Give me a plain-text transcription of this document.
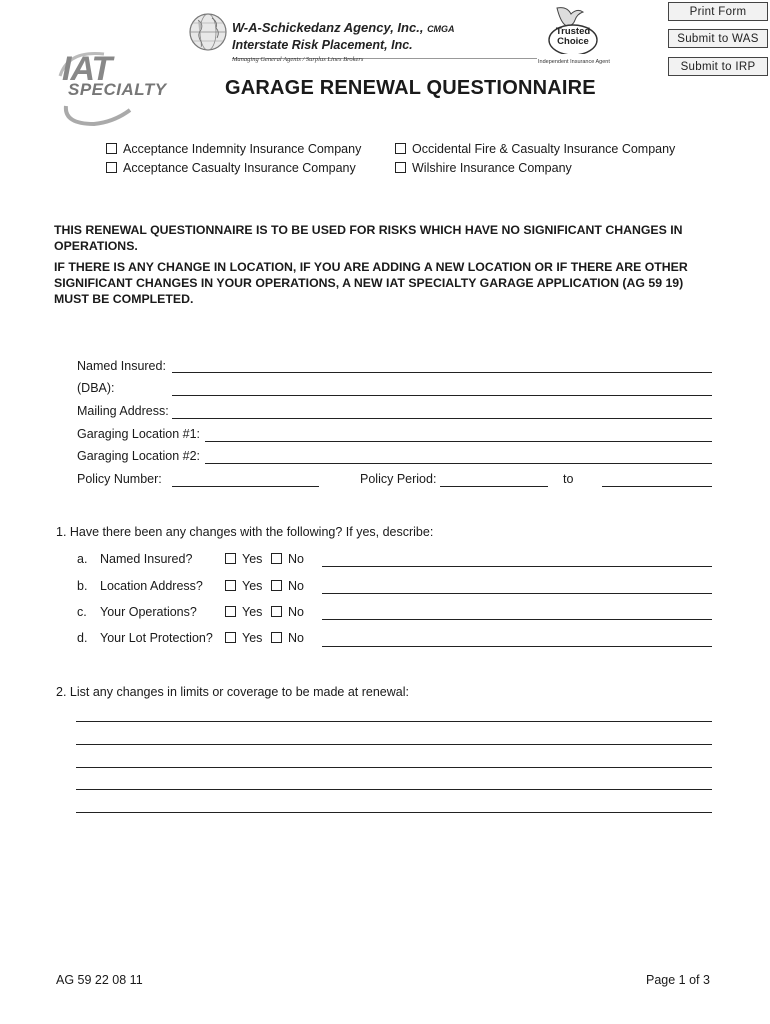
Print Form
Submit to WAS
Submit to IRP
W-A-Schickedanz Agency, Inc., CMGA
Interstate Risk Placement, Inc.
Managing General Agents / Surplus Lines Brokers
Trusted
Choice
Independent Insurance Agent
IAT
SPECIALTY	GARAGE RENEWAL QUESTIONNAIRE
Acceptance Indemnity Insurance Company
Acceptance Casualty Insurance Company
Occidental Fire & Casualty Insurance Company
Wilshire Insurance Company
THIS RENEWAL QUESTIONNAIRE IS TO BE USED FOR RISKS WHICH HAVE NO SIGNIFICANT CHANGES IN OPERATIONS.
IF THERE IS ANY CHANGE IN LOCATION, IF YOU ARE ADDING A NEW LOCATION OR IF THERE ARE OTHER SIGNIFICANT CHANGES IN YOUR OPERATIONS, A NEW IAT SPECIALTY GARAGE APPLICATION (AG 59 19) MUST BE COMPLETED.
Named Insured:
(DBA):
Mailing Address:
Garaging Location #1:
Garaging Location #2:
Policy Number:	Policy Period:	to
1. Have there been any changes with the following? If yes, describe:
a. Named Insured?	Yes No
b. Location Address?	Yes No
c. Your Operations?	Yes No
d. Your Lot Protection? Yes No
2. List any changes in limits or coverage to be made at renewal:
AG 59 22 08 11	Page 1 of 3
